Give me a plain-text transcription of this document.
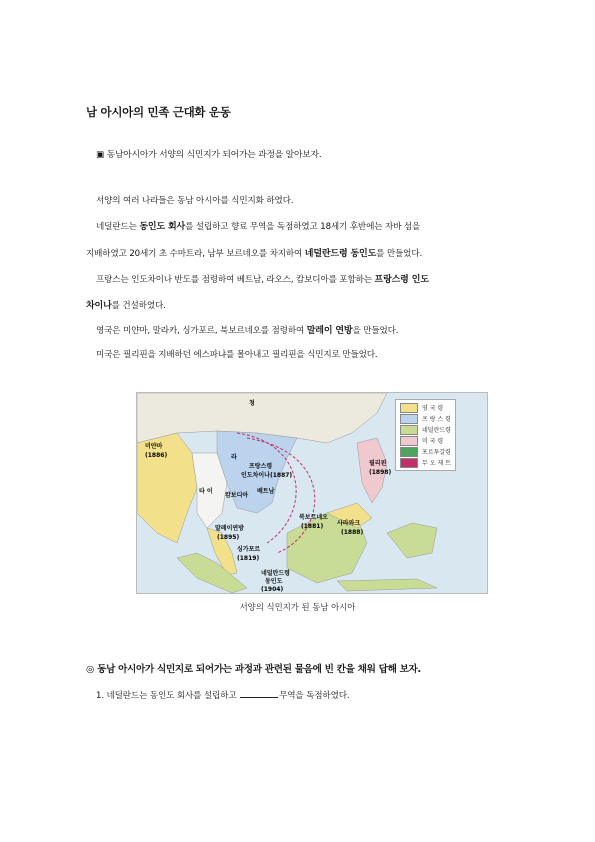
남 아시아의 민족 근대화 운동
▣ 동남아시아가 서양의 식민지가 되어가는 과정을 알아보자.
서양의 여러 나라들은 동남 아시아를 식민지화 하였다.
네덜란드는 동인도 회사를 설립하고 향료 무역을 독점하였고 18세기 후반에는 자바 섬을
지배하였고 20세기 초 수마트라, 남부 보르네오를 차지하여 네덜란드령 동인도를 만들었다.
프랑스는 인도차이나 반도를 점령하여 베트남, 라오스, 캄보디아를 포함하는 프랑스령 인도
차이나를 건설하였다.
영국은 미얀마, 말라카, 싱가포르, 북보르네오를 점령하여 말레이 연방을 만들었다.
미국은 필리핀을 지배하던 에스파냐를 몰아내고 필리핀을 식민지로 만들었다.
미얀마
(1886)
청
라
타 이
프랑스령
인도차이나(1887)
캄보디아
베트남
필리핀
(1898)
말레이연방
(1895)
북보르네오
(1881) 사라와크
(1888)
싱가포르
(1819)
네덜란드령
동인도
(1904)
영 국 령
프 랑 스 령
네덜란드령
미 국 령
포르투갈령
무 오 제 트
서양의 식민지가 된 동남 아시아
◎ 동남 아시아가 식민지로 되어가는 과정과 관련된 물음에 빈 칸을 채워 답해 보자.
1. 네덜란드는 동인도 회사를 설립하고	무역을 독점하였다.
